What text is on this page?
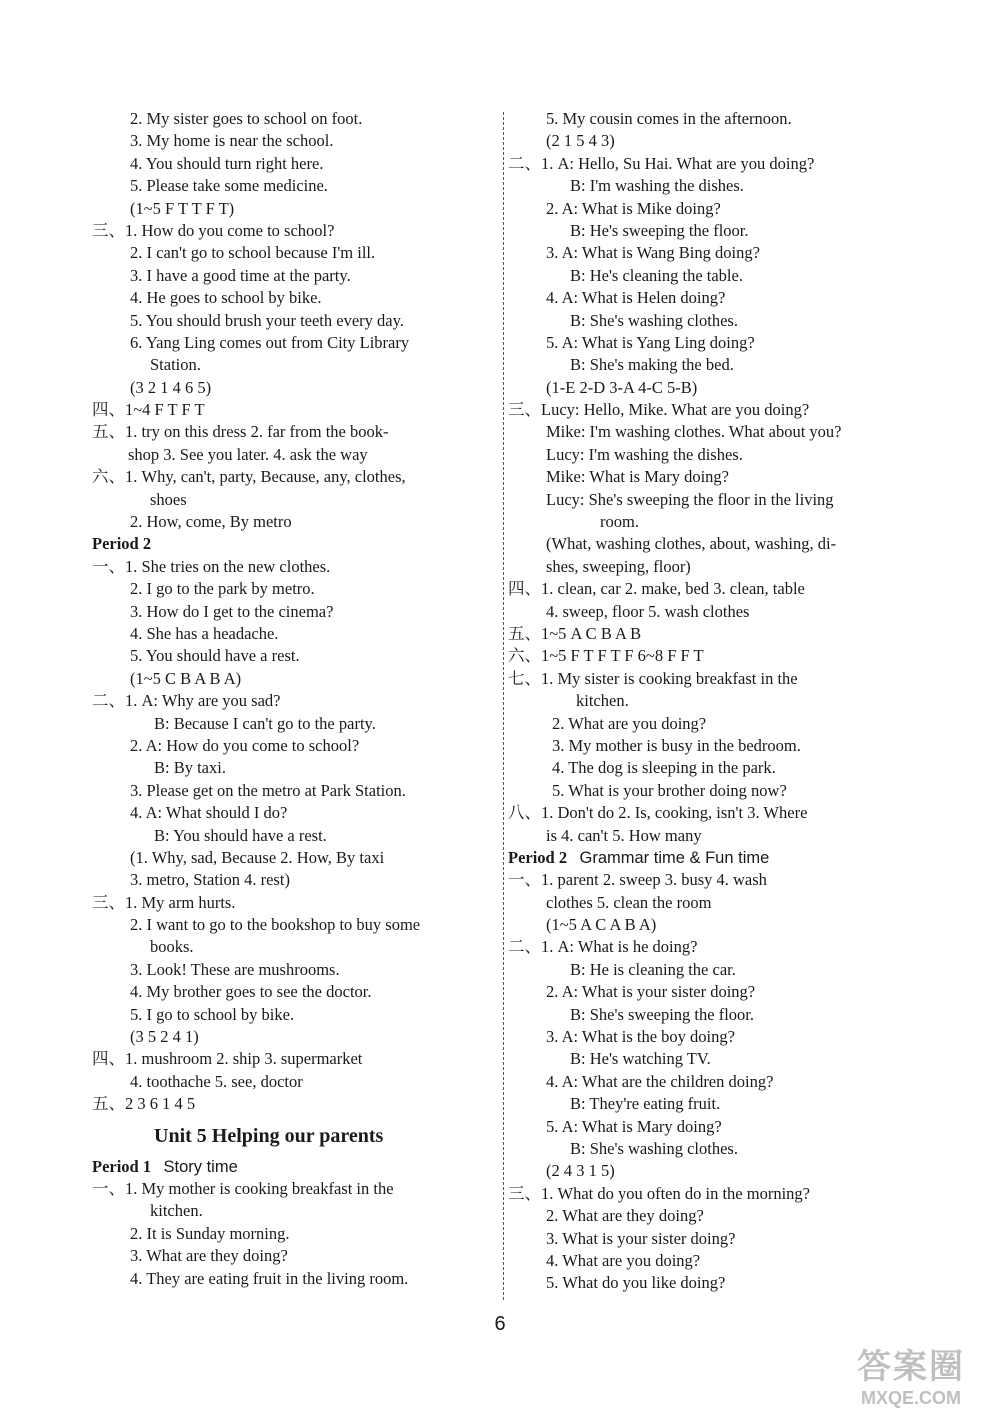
2. My sister goes to school on foot.
3. My home is near the school.
4. You should turn right here.
5. Please take some medicine.
(1~5 F T T F T)
三、1. How do you come to school?
2. I can't go to school because I'm ill.
3. I have a good time at the party.
4. He goes to school by bike.
5. You should brush your teeth every day.
6. Yang Ling comes out from City Library
Station.
(3 2 1 4 6 5)
四、1~4 F T F T
五、1. try on this dress 2. far from the book-
shop 3. See you later. 4. ask the way
六、1. Why, can't, party, Because, any, clothes,
shoes
2. How, come, By metro
Period 2
一、1. She tries on the new clothes.
2. I go to the park by metro.
3. How do I get to the cinema?
4. She has a headache.
5. You should have a rest.
(1~5 C B A B A)
二、1. A: Why are you sad?
B: Because I can't go to the party.
2. A: How do you come to school?
B: By taxi.
3. Please get on the metro at Park Station.
4. A: What should I do?
B: You should have a rest.
(1. Why, sad, Because 2. How, By taxi
3. metro, Station 4. rest)
三、1. My arm hurts.
2. I want to go to the bookshop to buy some
books.
3. Look! These are mushrooms.
4. My brother goes to see the doctor.
5. I go to school by bike.
(3 5 2 4 1)
四、1. mushroom 2. ship 3. supermarket
4. toothache 5. see, doctor
五、2 3 6 1 4 5
Unit 5 Helping our parents
Period 1 Story time
一、1. My mother is cooking breakfast in the
kitchen.
2. It is Sunday morning.
3. What are they doing?
4. They are eating fruit in the living room.
5. My cousin comes in the afternoon.
(2 1 5 4 3)
二、1. A: Hello, Su Hai. What are you doing?
B: I'm washing the dishes.
2. A: What is Mike doing?
B: He's sweeping the floor.
3. A: What is Wang Bing doing?
B: He's cleaning the table.
4. A: What is Helen doing?
B: She's washing clothes.
5. A: What is Yang Ling doing?
B: She's making the bed.
(1-E 2-D 3-A 4-C 5-B)
三、Lucy: Hello, Mike. What are you doing?
Mike: I'm washing clothes. What about you?
Lucy: I'm washing the dishes.
Mike: What is Mary doing?
Lucy: She's sweeping the floor in the living
room.
(What, washing clothes, about, washing, di-
shes, sweeping, floor)
四、1. clean, car 2. make, bed 3. clean, table
4. sweep, floor 5. wash clothes
五、1~5 A C B A B
六、1~5 F T F T F 6~8 F F T
七、1. My sister is cooking breakfast in the
kitchen.
2. What are you doing?
3. My mother is busy in the bedroom.
4. The dog is sleeping in the park.
5. What is your brother doing now?
八、1. Don't do 2. Is, cooking, isn't 3. Where
is 4. can't 5. How many
Period 2 Grammar time & Fun time
一、1. parent 2. sweep 3. busy 4. wash
clothes 5. clean the room
(1~5 A C A B A)
二、1. A: What is he doing?
B: He is cleaning the car.
2. A: What is your sister doing?
B: She's sweeping the floor.
3. A: What is the boy doing?
B: He's watching TV.
4. A: What are the children doing?
B: They're eating fruit.
5. A: What is Mary doing?
B: She's washing clothes.
(2 4 3 1 5)
三、1. What do you often do in the morning?
2. What are they doing?
3. What is your sister doing?
4. What are you doing?
5. What do you like doing?
6
答案圈
MXQE.COM
